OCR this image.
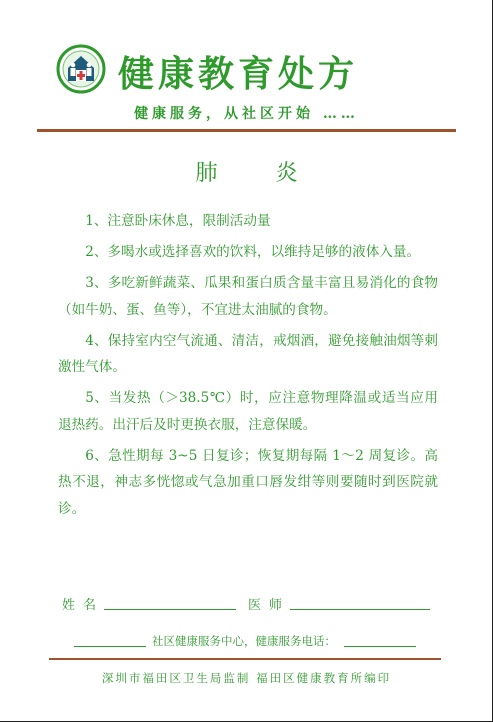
健康教育处方
健康服务，从社区开始 ……
肺炎

1、注意卧床休息，限制活动量

2、多喝水或选择喜欢的饮料，以维持足够的液体入量。

3、多吃新鲜蔬菜、瓜果和蛋白质含量丰富且易消化的食物（如牛奶、蛋、鱼等），不宜进太油腻的食物。

4、保持室内空气流通、清洁，戒烟酒，避免接触油烟等刺激性气体。

5、当发热（＞38.5℃）时，应注意物理降温或适当应用退热药。出汗后及时更换衣服，注意保暖。

6、急性期每 3~5 日复诊；恢复期每隔 1～2 周复诊。高热不退，神志多恍惚或气急加重口唇发绀等则要随时到医院就诊。

姓名	医师
社区健康服务中心，健康服务电话：
深圳市福田区卫生局监制 福田区健康教育所编印
